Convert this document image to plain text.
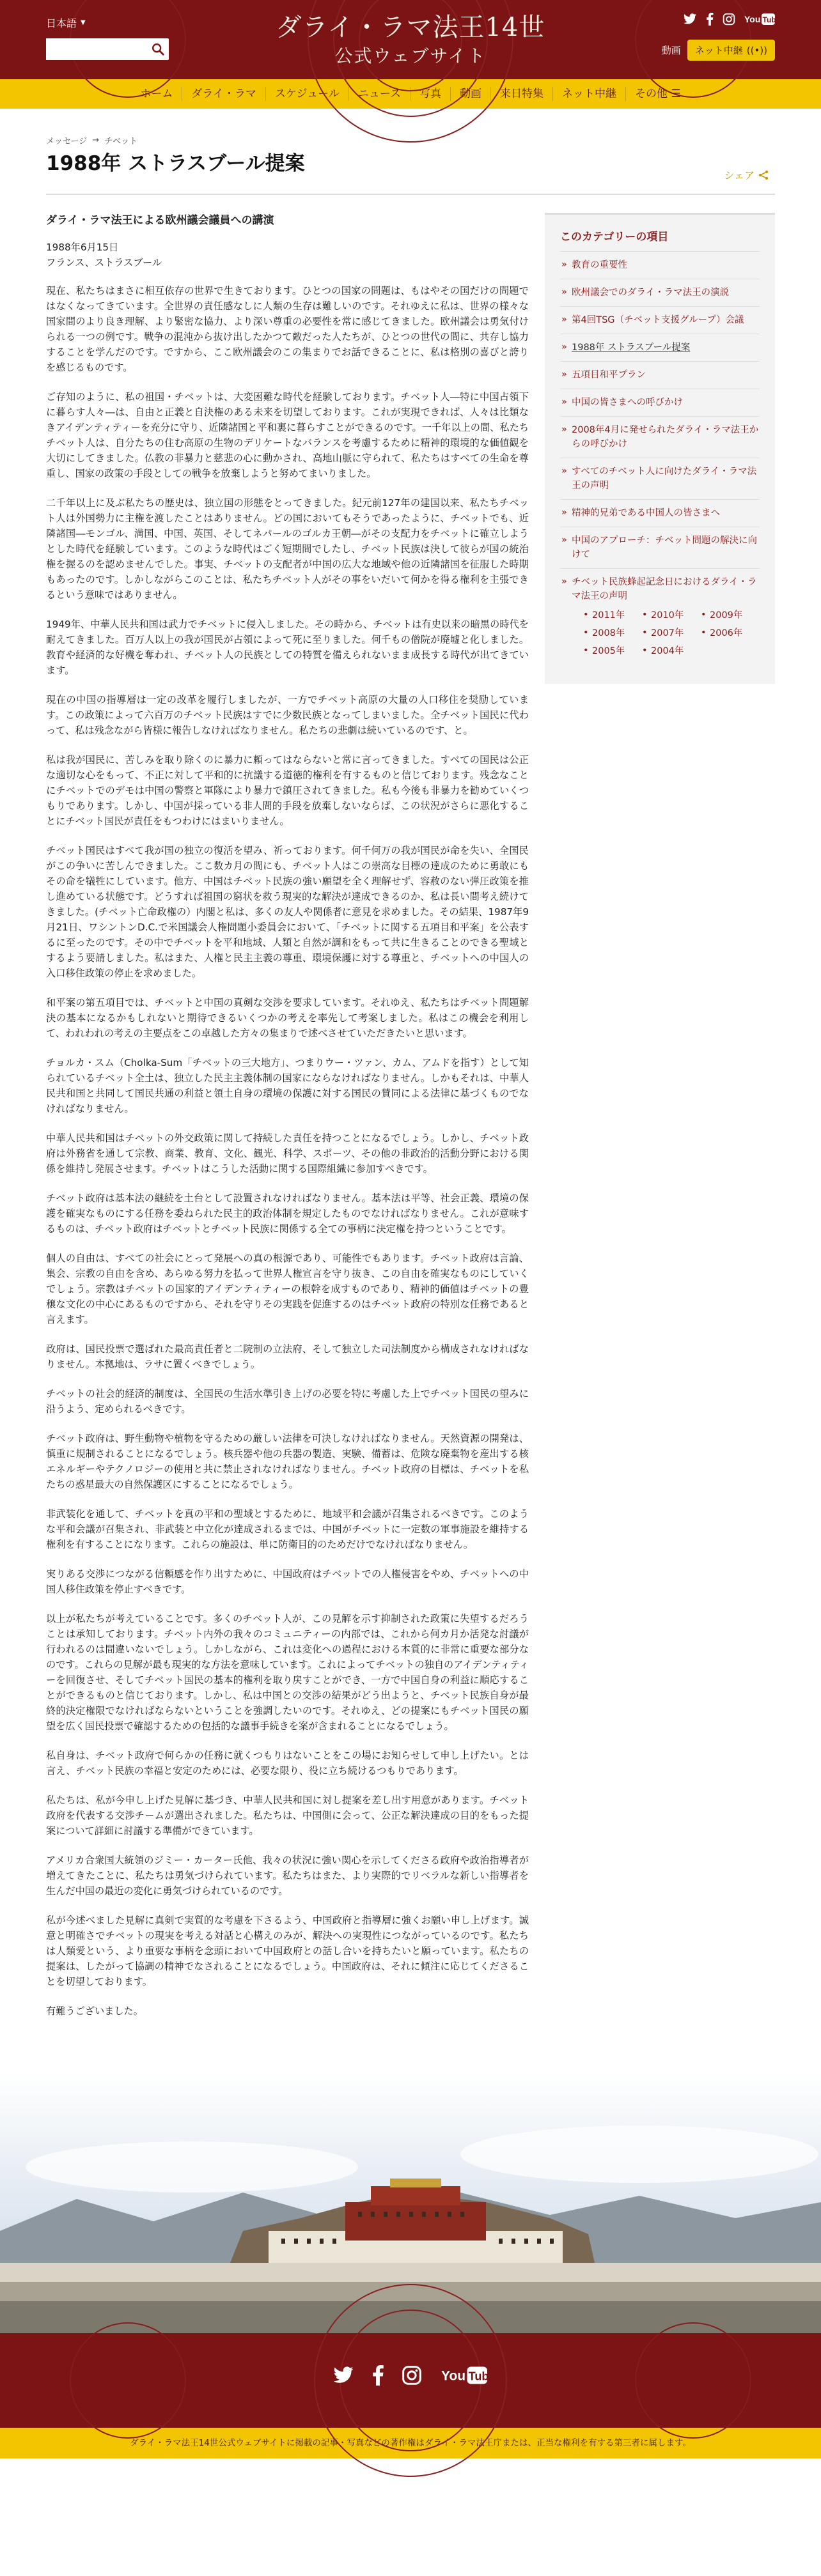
日本語 ▼	ダライ・ラマ法王14世
公式ウェブサイト
You Tube
動画 ネット中継 ((•))
ホーム	ダライ・ラマ	スケジュール	ニュース	写真	動画	来日特集	ネット中継	その他 ☰
メッセージ → チベット
1988年 ストラスブール提案
シェア
ダライ・ラマ法王による欧州議会議員への講演
1988年6月15日
フランス、ストラスブール

現在、私たちはまさに相互依存の世界で生きております。ひとつの国家の問題は、もはやその国だけの問題ではなくなってきています。全世界の責任感なしに人類の生存は難しいのです。それゆえに私は、世界の様々な国家間のより良き理解、より緊密な協力、より深い尊重の必要性を常に感じてきました。欧州議会は勇気付けられる一つの例です。戦争の混沌から抜け出したかつて敵だった人たちが、ひとつの世代の間に、共存し協力することを学んだのです。ですから、ここ欧州議会のこの集まりでお話できることに、私は格別の喜びと誇りを感じるものです。

ご存知のように、私の祖国・チベットは、大変困難な時代を経験しております。チベット人―特に中国占領下に暮らす人々―は、自由と正義と自決権のある未来を切望しております。これが実現できれば、人々は比類なきアイデンティティーを充分に守り、近隣諸国と平和裏に暮らすことができるのです。一千年以上の間、私たちチベット人は、自分たちの住む高原の生物のデリケートなバランスを考慮するために精神的環境的な価値観を大切にしてきました。仏教の非暴力と慈悲の心に動かされ、高地山脈に守られて、私たちはすべての生命を尊重し、国家の政策の手段としての戦争を放棄しようと努めてまいりました。

二千年以上に及ぶ私たちの歴史は、独立国の形態をとってきました。紀元前127年の建国以来、私たちチベット人は外国勢力に主権を渡したことはありません。どの国においてもそうであったように、チベットでも、近隣諸国―モンゴル、満国、中国、英国、そしてネパールのゴルカ王朝―がその支配力をチベットに確立しようとした時代を経験しています。このような時代はごく短期間でしたし、チベット民族は決して彼らが国の統治権を握るのを認めませんでした。事実、チベットの支配者が中国の広大な地域や他の近隣諸国を征服した時期もあったのです。しかしながらこのことは、私たちチベット人がその事をいだいて何かを得る権利を主張できるという意味ではありません。

1949年、中華人民共和国は武力でチベットに侵入しました。その時から、チベットは有史以来の暗黒の時代を耐えてきました。百万人以上の我が国民が占領によって死に至りました。何千もの僧院が廃墟と化しました。教育や経済的な好機を奪われ、チベット人の民族としての特質を備えられないまま成長する時代が出てきています。

現在の中国の指導層は一定の改革を履行しましたが、一方でチベット高原の大量の人口移住を奨励しています。この政策によって六百万のチベット民族はすでに少数民族となってしまいました。全チベット国民に代わって、私は残念ながら皆様に報告しなければなりません。私たちの悲劇は続いているのです、と。

私は我が国民に、苦しみを取り除くのに暴力に頼ってはならないと常に言ってきました。すべての国民は公正な適切な心をもって、不正に対して平和的に抗議する道徳的権利を有するものと信じております。残念なことにチベットでのデモは中国の警察と軍隊により暴力で鎮圧されてきました。私も今後も非暴力を勧めていくつもりであります。しかし、中国が採っている非人間的手段を放棄しないならば、この状況がさらに悪化することにチベット国民が責任をもつわけにはまいりません。

チベット国民はすべて我が国の独立の復活を望み、祈っております。何千何万の我が国民が命を失い、全国民がこの争いに苦しんできました。ここ数カ月の間にも、チベット人はこの崇高な目標の達成のために勇敢にもその命を犠牲にしています。他方、中国はチベット民族の強い願望を全く理解せず、容赦のない弾圧政策を推し進めている状態です。どうすれば祖国の窮状を救う現実的な解決が達成できるのか、私は長い間考え続けてきました。(チベット亡命政権の）内閣と私は、多くの友人や関係者に意見を求めました。その結果、1987年9月21日、ワシントンD.C.で米国議会人権問題小委員会において、「チベットに関する五項目和平案」を公表するに至ったのです。その中でチベットを平和地域、人類と自然が調和をもって共に生きることのできる聖域とするよう要請しました。私はまた、人権と民主主義の尊重、環境保護に対する尊重と、チベットへの中国人の入口移住政策の停止を求めました。

和平案の第五項目では、チベットと中国の真剣な交渉を要求しています。それゆえ、私たちはチベット問題解決の基本になるかもしれないと期待できるいくつかの考えを率先して考案しました。私はこの機会を利用して、われわれの考えの主要点をこの卓越した方々の集まりで述べさせていただきたいと思います。

チョルカ・スム（Cholka-Sum「チベットの三大地方」、つまりウー・ツァン、カム、アムドを指す）として知られているチベット全土は、独立した民主主義体制の国家にならなければなりません。しかもそれは、中華人民共和国と共同して国民共通の利益と領土自身の環境の保護に対する国民の賛同による法律に基づくものでなければなりません。

中華人民共和国はチベットの外交政策に関して持続した責任を持つことになるでしょう。しかし、チベット政府は外務省を通して宗教、商業、教育、文化、観光、科学、スポーツ、その他の非政治的活動分野における関係を維持し発展させます。チベットはこうした活動に関する国際組織に参加すべきです。

チベット政府は基本法の継続を土台として設置されなければなりません。基本法は平等、社会正義、環境の保護を確実なものにする任務を委ねられた民主的政治体制を規定したものでなければなりません。これが意味するものは、チベット政府はチベットとチベット民族に関係する全ての事柄に決定権を持つということです。

個人の自由は、すべての社会にとって発展への真の根源であり、可能性でもあります。チベット政府は言論、集会、宗教の自由を含め、あらゆる努力を払って世界人権宣言を守り抜き、この自由を確実なものにしていくでしょう。宗教はチベットの国家的アイデンティティーの根幹を成すものであり、精神的価値はチベットの豊穣な文化の中心にあるものですから、それを守りその実践を促進するのはチベット政府の特別な任務であると言えます。

政府は、国民投票で選ばれた最高責任者と二院制の立法府、そして独立した司法制度から構成されなければなりません。本拠地は、ラサに置くべきでしょう。

チベットの社会的経済的制度は、全国民の生活水準引き上げの必要を特に考慮した上でチベット国民の望みに沿うよう、定められるべきです。

チベット政府は、野生動物や植物を守るための厳しい法律を可決しなければなりません。天然資源の開発は、慎重に規制されることになるでしょう。核兵器や他の兵器の製造、実験、備蓄は、危険な廃棄物を産出する核エネルギーやテクノロジーの使用と共に禁止されなければなりません。チベット政府の目標は、チベットを私たちの惑星最大の自然保護区にすることになるでしょう。

非武装化を通して、チベットを真の平和の聖域とするために、地域平和会議が召集されるべきです。このような平和会議が召集され、非武装と中立化が達成されるまでは、中国がチベットに一定数の軍事施設を維持する権利を有することになります。これらの施設は、単に防衛目的のためだけでなければなりません。

実りある交渉につながる信頼感を作り出すために、中国政府はチベットでの人権侵害をやめ、チベットへの中国人移住政策を停止すべきです。

以上が私たちが考えていることです。多くのチベット人が、この見解を示す抑制された政策に失望するだろうことは承知しております。チベット内外の我々のコミュニティーの内部では、これから何カ月か活発な討議が行われるのは間違いないでしょう。しかしながら、これは変化への過程における本質的に非常に重要な部分なのです。これらの見解が最も現実的な方法を意味しています。これによってチベットの独自のアイデンティティーを回復させ、そしてチベット国民の基本的権利を取り戻すことができ、一方で中国自身の利益に順応することができるものと信じております。しかし、私は中国との交渉の結果がどう出ようと、チベット民族自身が最終的決定権限でなければならないということを強調したいのです。それゆえ、どの提案にもチベット国民の願望を広く国民投票で確認するための包括的な議事手続きを案が含まれることになるでしょう。

私自身は、チベット政府で何らかの任務に就くつもりはないことをこの場にお知らせして申し上げたい。とは言え、チベット民族の幸福と安定のためには、必要な限り、役に立ち続けるつもりであります。

私たちは、私が今申し上げた見解に基づき、中華人民共和国に対し提案を差し出す用意があります。チベット政府を代表する交渉チームが選出されました。私たちは、中国側に会って、公正な解決達成の目的をもった提案について詳細に討議する準備ができています。

アメリカ合衆国大統領のジミー・カーター氏他、我々の状況に強い関心を示してくださる政府や政治指導者が増えてきたことに、私たちは勇気づけられています。私たちはまた、より実際的でリベラルな新しい指導者を生んだ中国の最近の変化に勇気づけられているのです。

私が今述べました見解に真剣で実質的な考慮を下さるよう、中国政府と指導層に強くお願い申し上げます。誠意と明確さでチベットの現実を考える対話と心構えのみが、解決への実現性につながっているのです。私たちは人類愛という、より重要な事柄を念頭において中国政府との話し合いを持ちたいと願っています。私たちの提案は、したがって協調の精神でなされることになるでしょう。中国政府は、それに傾注に応じてくださることを切望しております。

有難うございました。

このカテゴリーの項目
» 教育の重要性
» 欧州議会でのダライ・ラマ法王の演説
» 第4回TSG（チベット支援グループ）会議
» 1988年 ストラスブール提案
» 五項目和平プラン
» 中国の皆さまへの呼びかけ
» 2008年4月に発せられたダライ・ラマ法王からの呼びかけ
» すべてのチベット人に向けたダライ・ラマ法王の声明
» 精神的兄弟である中国人の皆さまへ
» 中国のアプローチ：チベット問題の解決に向けて
» チベット民族蜂起記念日におけるダライ・ラマ法王の声明
• 2011年	• 2010年	• 2009年
• 2008年	• 2007年	• 2006年
• 2005年	• 2004年
You Tube
ダライ・ラマ法王14世公式ウェブサイトに掲載の記事・写真などの著作権はダライ・ラマ法王庁または、正当な権利を有する第三者に属します。
